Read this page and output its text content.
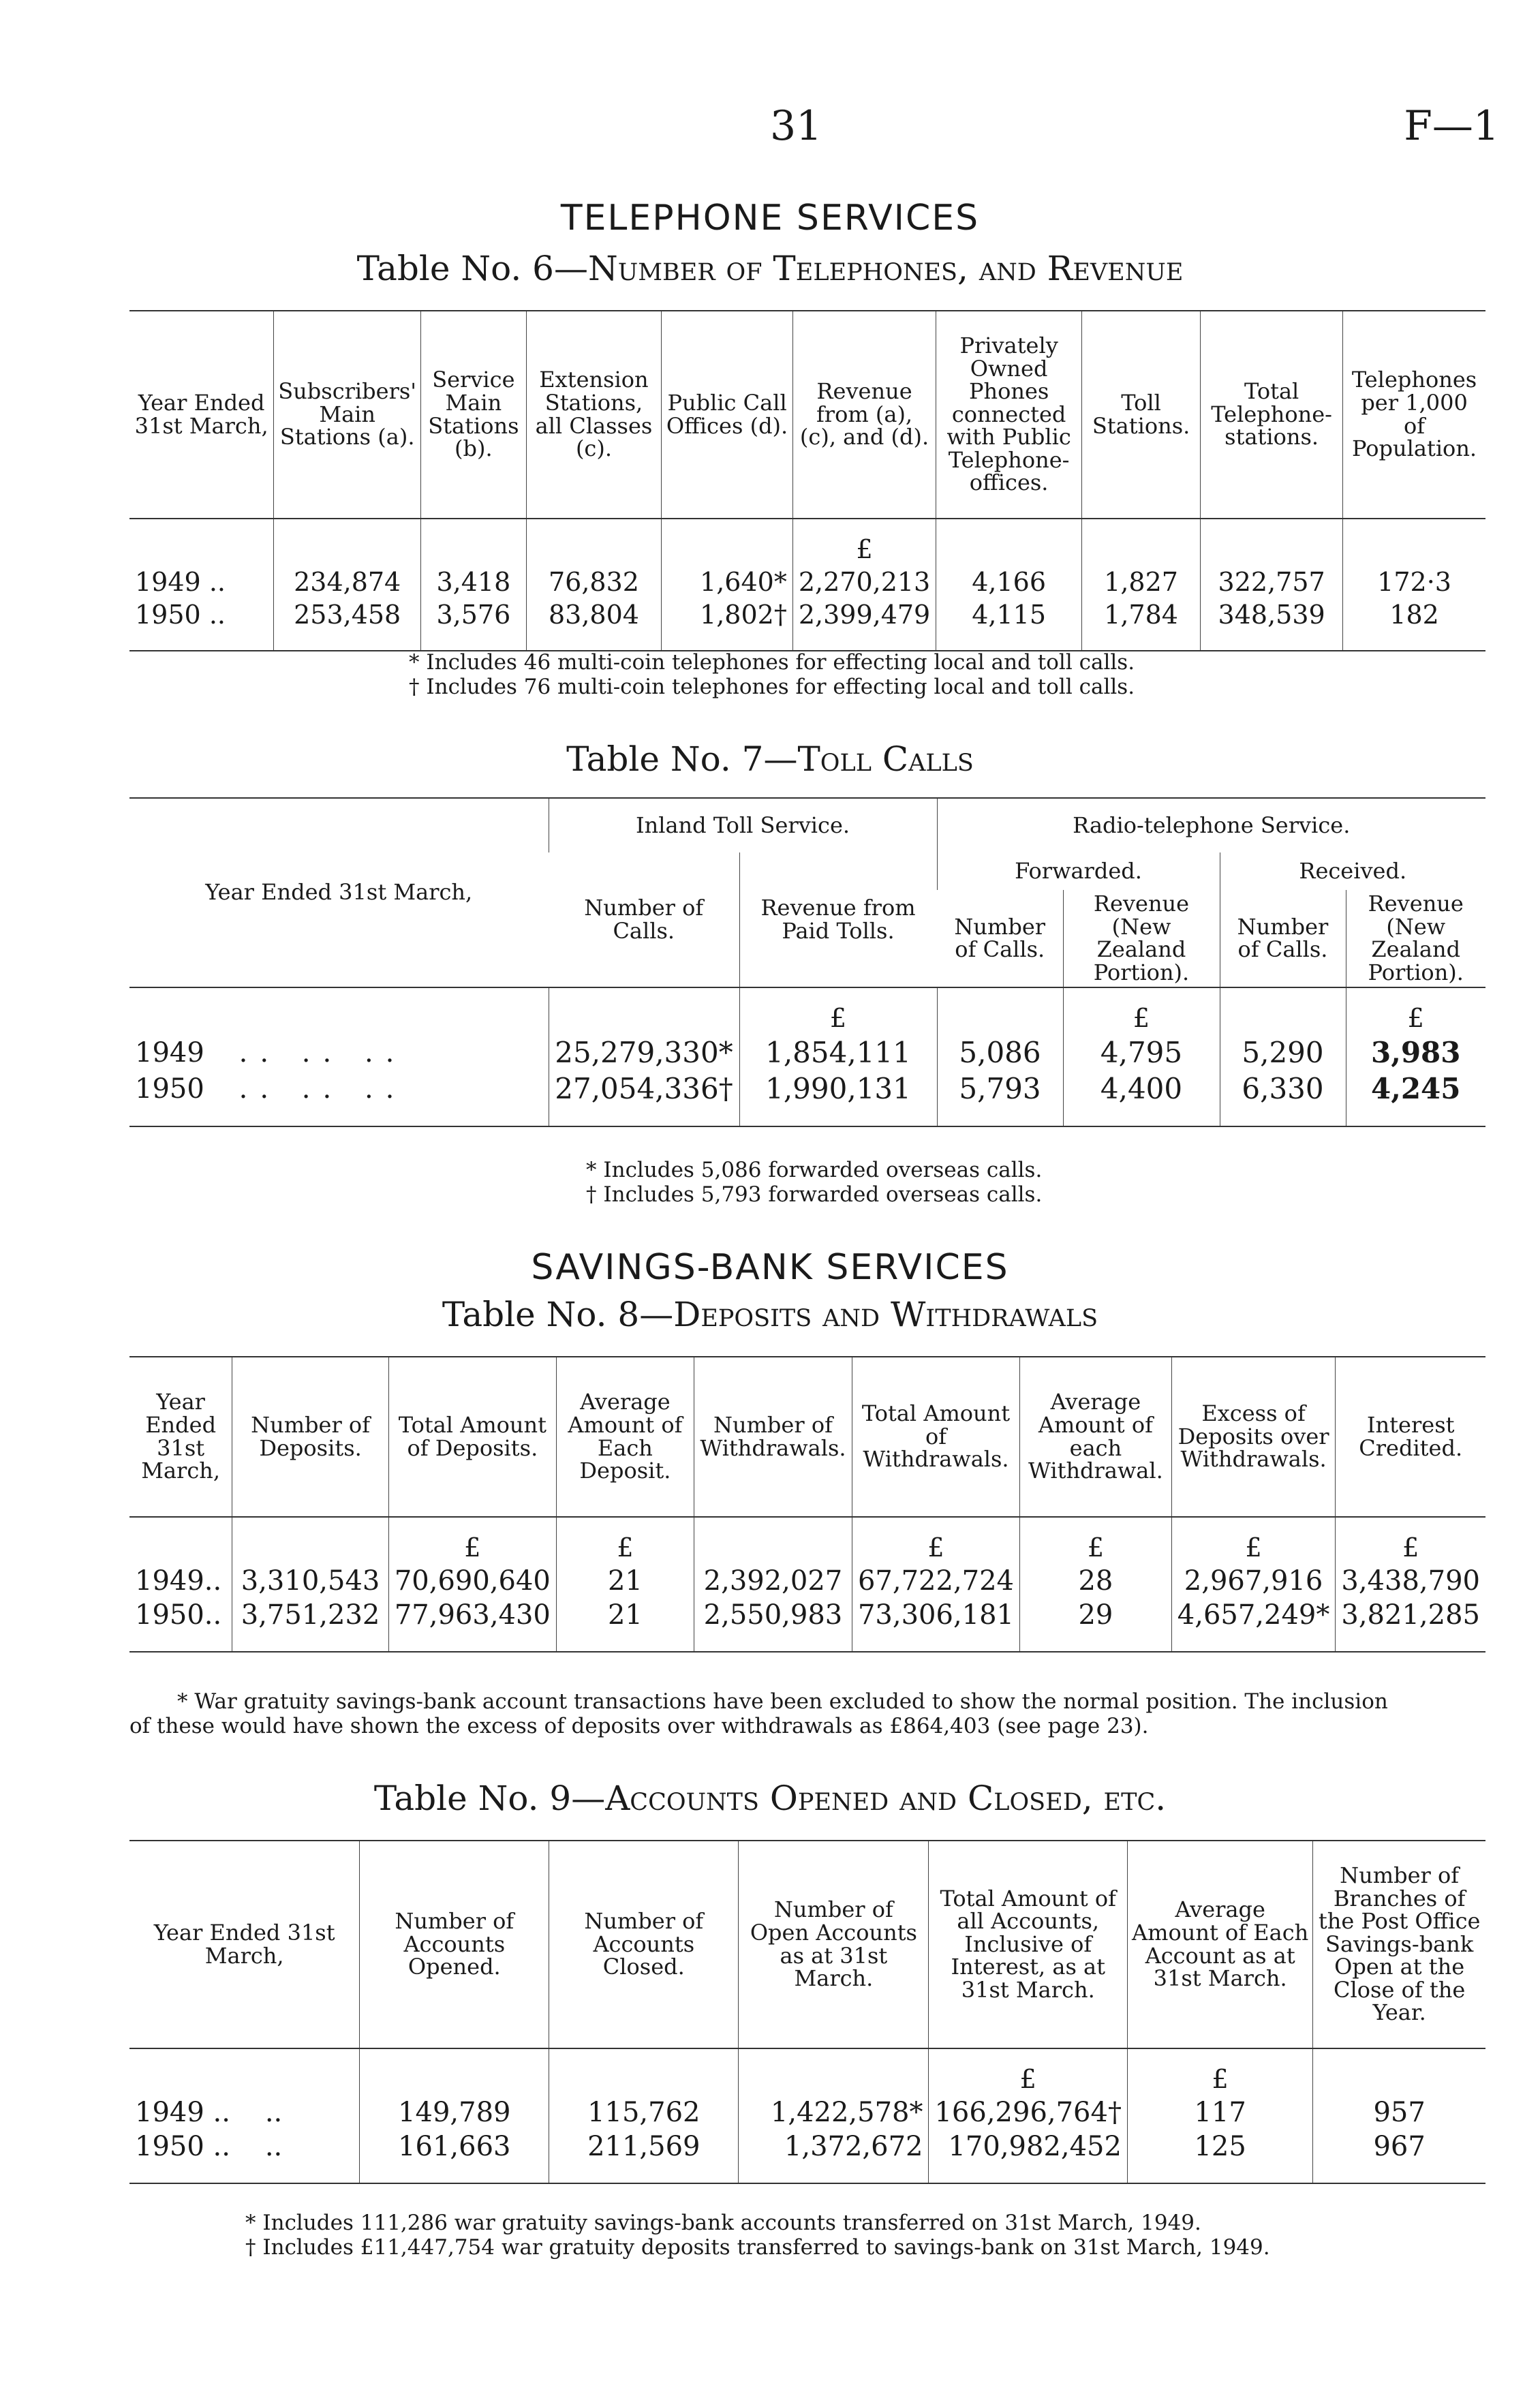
31	F—1
TELEPHONE SERVICES
Table No. 6—Number of Telephones, and Revenue
Year Ended 31st March,	Subscribers' Main Stations (a).	Service Main Stations (b).	Extension Stations, all Classes (c).	Public Call Offices (d).	Revenue from (a), (c), and (d).	Privately Owned Phones connected with Public Telephone-offices.	Toll Stations.	Total Telephone-stations.	Telephones per 1,000 of Population.
					£				
1949 ..	234,874	3,418	76,832	1,640*	2,270,213	4,166	1,827	322,757	172·3
1950 ..	253,458	3,576	83,804	1,802†	2,399,479	4,115	1,784	348,539	182

* Includes 46 multi-coin telephones for effecting local and toll calls.

† Includes 76 multi-coin telephones for effecting local and toll calls.

Table No. 7—Toll Calls
Year Ended 31st March,	Inland Toll Service.		Radio-telephone Service.			
	Number of Calls.	Revenue from Paid Tolls.	Forwarded.		Received.	
			Number of Calls.	Revenue (New Zealand Portion).	Number of Calls.	Revenue (New Zealand Portion).
		£		£		£
1949 .. .. ..	25,279,330*	1,854,111	5,086	4,795	5,290	3,983
1950 .. .. ..	27,054,336†	1,990,131	5,793	4,400	6,330	4,245

* Includes 5,086 forwarded overseas calls.

† Includes 5,793 forwarded overseas calls.

SAVINGS-BANK SERVICES
Table No. 8—Deposits and Withdrawals
Year Ended 31st March,	Number of Deposits.	Total Amount of Deposits.	Average Amount of Each Deposit.	Number of Withdrawals.	Total Amount of Withdrawals.	Average Amount of each Withdrawal.	Excess of Deposits over Withdrawals.	Interest Credited.
		£	£		£	£	£	£
1949..	3,310,543	70,690,640	21	2,392,027	67,722,724	28	2,967,916	3,438,790
1950..	3,751,232	77,963,430	21	2,550,983	73,306,181	29	4,657,249*	3,821,285

* War gratuity savings-bank account transactions have been excluded to show the normal position. The inclusion

of these would have shown the excess of deposits over withdrawals as £864,403 (see page 23).

Table No. 9—Accounts Opened and Closed, etc.
Year Ended 31st March,	Number of Accounts Opened.	Number of Accounts Closed.	Number of Open Accounts as at 31st March.	Total Amount of all Accounts, Inclusive of Interest, as at 31st March.	Average Amount of Each Account as at 31st March.	Number of Branches of the Post Office Savings-bank Open at the Close of the Year.
				£	£	
1949 .. ..	149,789	115,762	1,422,578*	166,296,764†	117	957
1950 .. ..	161,663	211,569	1,372,672	170,982,452	125	967

* Includes 111,286 war gratuity savings-bank accounts transferred on 31st March, 1949.

† Includes £11,447,754 war gratuity deposits transferred to savings-bank on 31st March, 1949.
